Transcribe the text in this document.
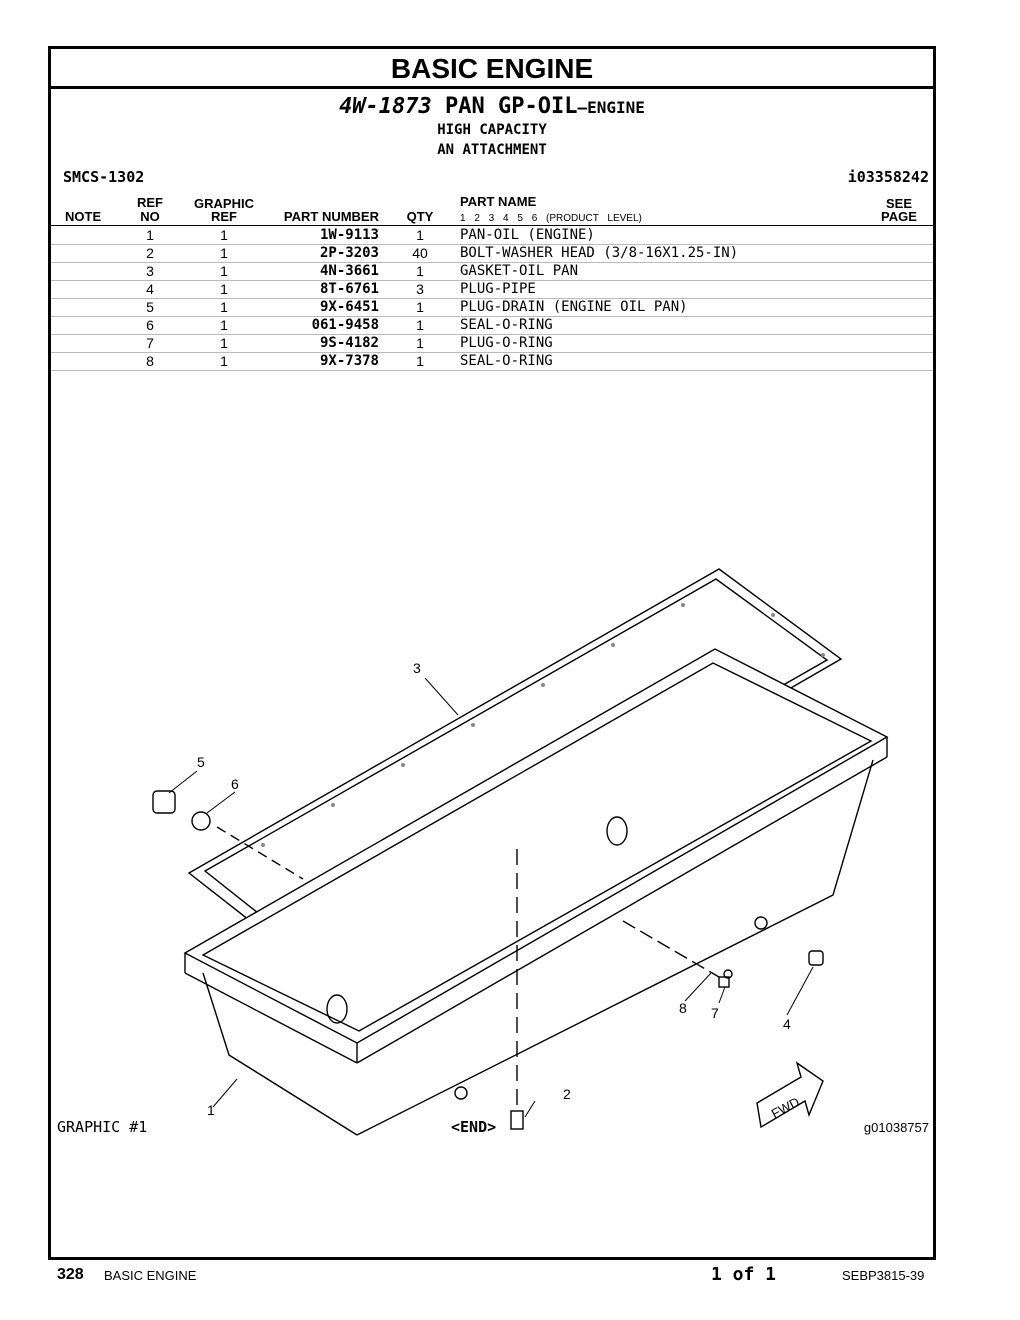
BASIC ENGINE
4W-1873 PAN GP-OIL—ENGINE
HIGH CAPACITY
AN ATTACHMENT
SMCS-1302	i03358242
NOTE
REF
NO
GRAPHIC
REF	PART NUMBER QTY
PART NAME
1 2 3 4 5 6 (PRODUCT LEVEL)
SEE
PAGE
1	1	1W-9113	1	PAN-OIL (ENGINE)
2	1	2P-3203	40	BOLT-WASHER HEAD (3/8-16X1.25-IN)
3	1	4N-3661	1	GASKET-OIL PAN
4	1	8T-6761	3	PLUG-PIPE
5	1	9X-6451	1	PLUG-DRAIN (ENGINE OIL PAN)
6	1	061-9458	1	SEAL-O-RING
7	1	9S-4182	1	PLUG-O-RING
8	1	9X-7378	1	SEAL-O-RING
1
2
3
4
5
6
7
8
FWD
GRAPHIC #1	<END>	g01038757
328 BASIC ENGINE	1 of 1	SEBP3815-39
